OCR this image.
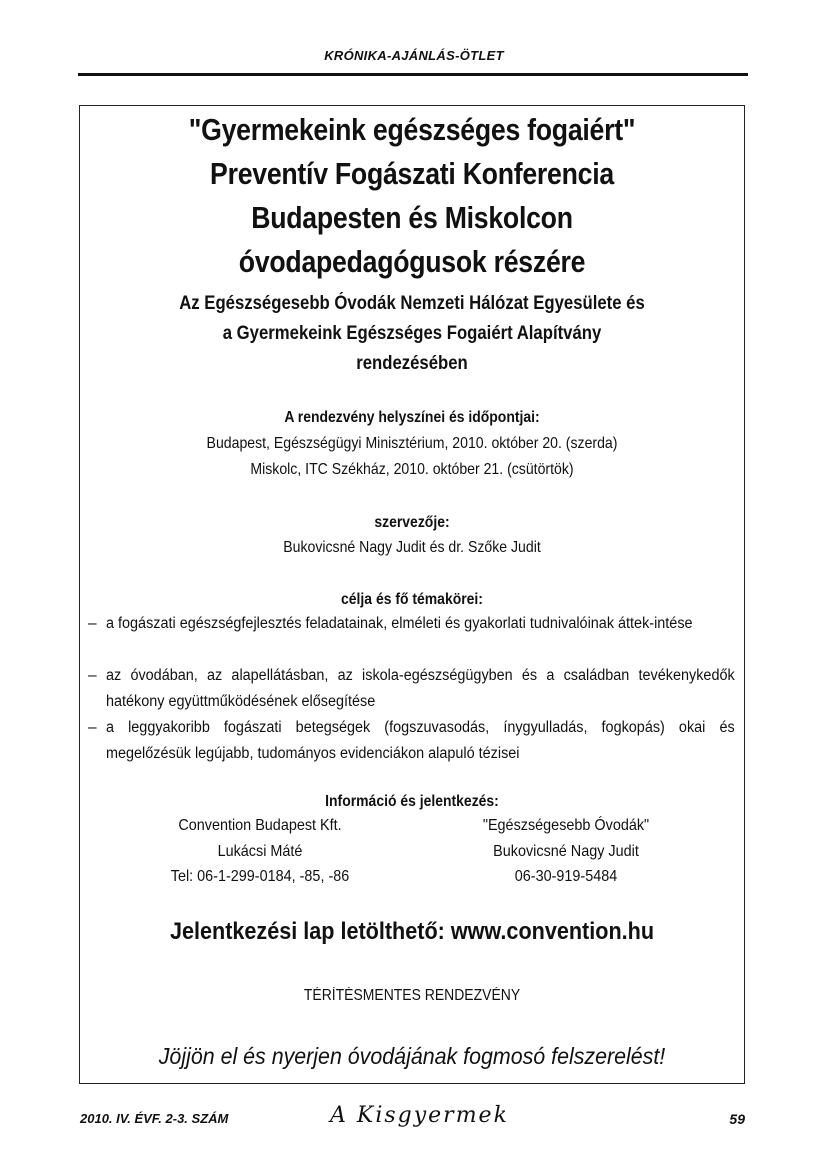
KRÓNIKA-AJÁNLÁS-ÖTLET
"Gyermekeink egészséges fogaiért"
Preventív Fogászati Konferencia
Budapesten és Miskolcon
óvodapedagógusok részére
Az Egészségesebb Óvodák Nemzeti Hálózat Egyesülete és
a Gyermekeink Egészséges Fogaiért Alapítvány
rendezésében
A rendezvény helyszínei és időpontjai:
Budapest, Egészségügyi Minisztérium, 2010. október 20. (szerda)
Miskolc, ITC Székház, 2010. október 21. (csütörtök)
szervezője:
Bukovicsné Nagy Judit és dr. Szőke Judit
célja és fő témakörei:
– a fogászati egészségfejlesztés feladatainak, elméleti és gyakorlati tudnivalóinak áttek-intése
– az óvodában, az alapellátásban, az iskola-egészségügyben és a családban tevékenykedők hatékony együttműködésének elősegítése
– a leggyakoribb fogászati betegségek (fogszuvasodás, ínygyulladás, fogkopás) okai és megelőzésük legújabb, tudományos evidenciákon alapuló tézisei
Információ és jelentkezés:
Convention Budapest Kft.
Lukácsi Máté
Tel: 06-1-299-0184, -85, -86
"Egészségesebb Óvodák"
Bukovicsné Nagy Judit
06-30-919-5484
Jelentkezési lap letölthető: www.convention.hu
TÉRÍTÉSMENTES RENDEZVÉNY
Jöjjön el és nyerjen óvodájának fogmosó felszerelést!
2010. IV. ÉVF. 2-3. SZÁM	A Kisgyermek	59
